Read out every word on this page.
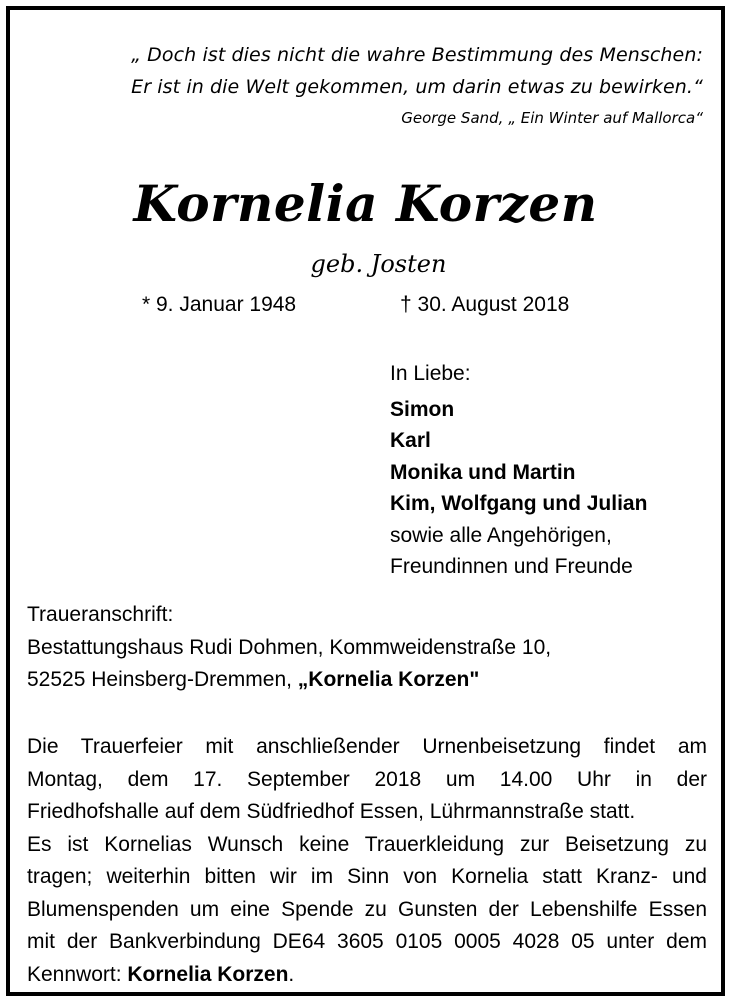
„ Doch ist dies nicht die wahre Bestimmung des Menschen:
Er ist in die Welt gekommen, um darin etwas zu bewirken.“
George Sand, „ Ein Winter auf Mallorca“
Kornelia Korzen
geb. Josten
* 9. Januar 1948	† 30. August 2018
In Liebe:
Simon
Karl
Monika und Martin
Kim, Wolfgang und Julian
sowie alle Angehörigen,
Freundinnen und Freunde
Traueranschrift:
Bestattungshaus Rudi Dohmen, Kommweidenstraße 10,
52525 Heinsberg-Dremmen, „Kornelia Korzen"
Die Trauerfeier mit anschließender Urnenbeisetzung findet am
Montag, dem 17. September 2018 um 14.00 Uhr in der
Friedhofshalle auf dem Südfriedhof Essen, Lührmannstraße statt.
Es ist Kornelias Wunsch keine Trauerkleidung zur Beisetzung zu
tragen; weiterhin bitten wir im Sinn von Kornelia statt Kranz- und
Blumenspenden um eine Spende zu Gunsten der Lebenshilfe Essen
mit der Bankverbindung DE64 3605 0105 0005 4028 05 unter dem
Kennwort: Kornelia Korzen.
